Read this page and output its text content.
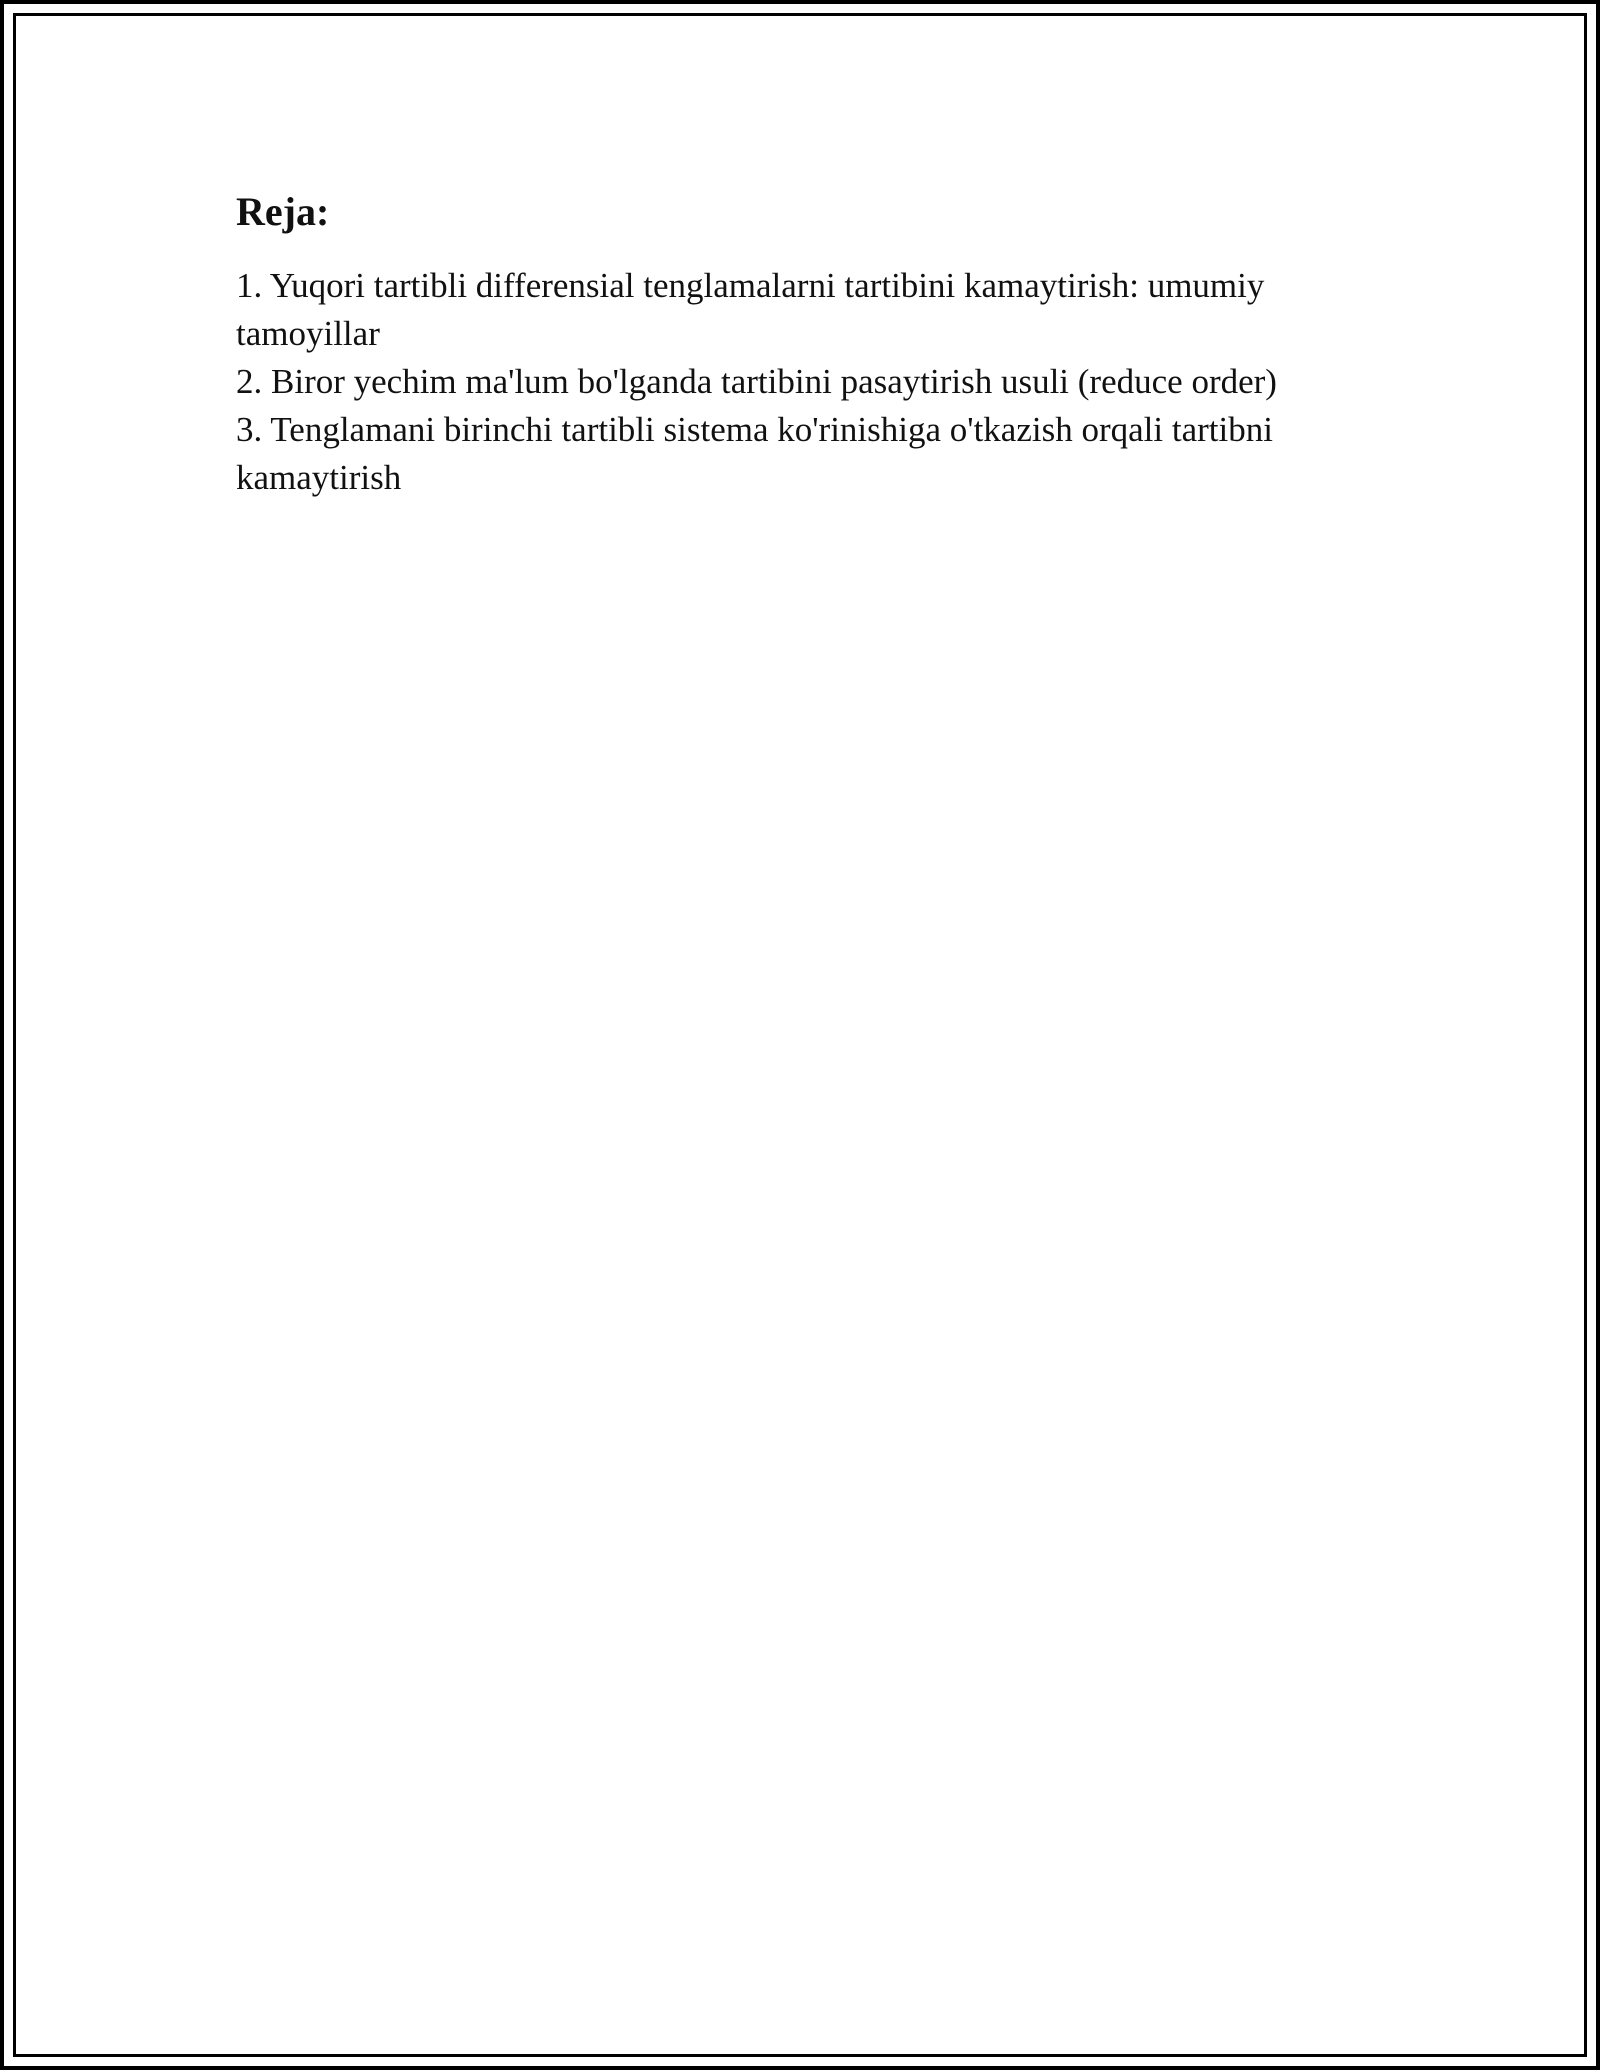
Reja:
1. Yuqori tartibli differensial tenglamalarni tartibini kamaytirish: umumiy tamoyillar
2. Biror yechim ma'lum bo'lganda tartibini pasaytirish usuli (reduce order)
3. Tenglamani birinchi tartibli sistema ko'rinishiga o'tkazish orqali tartibni kamaytirish
